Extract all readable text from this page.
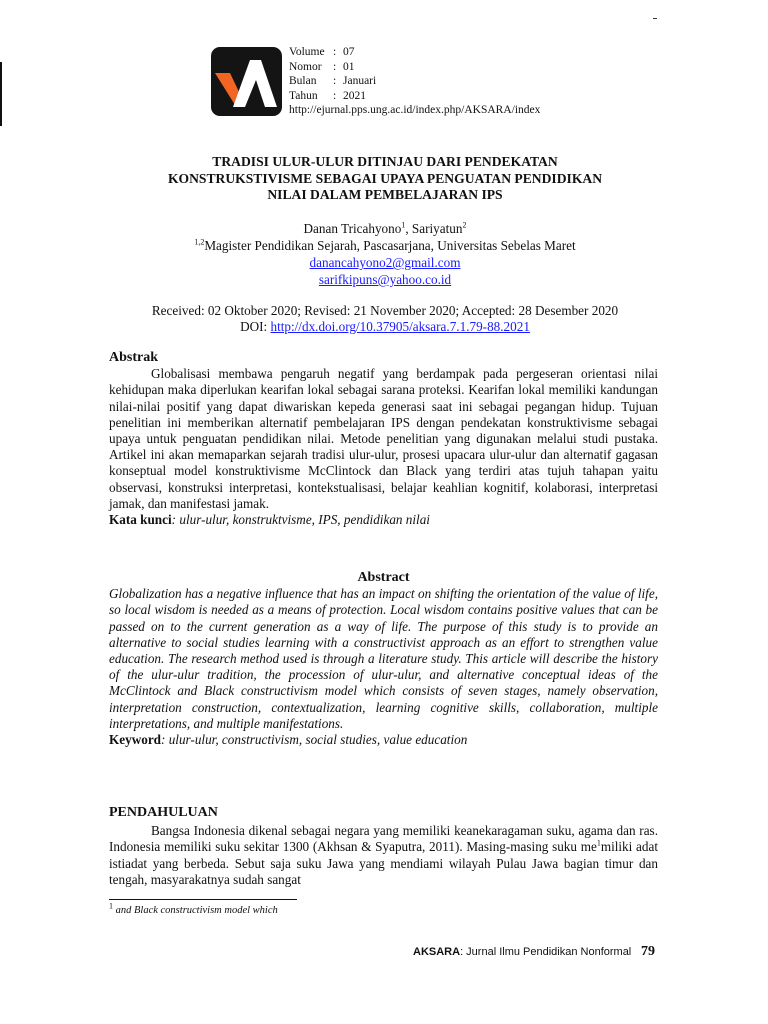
Volume : 07
Nomor : 01
Bulan : Januari
Tahun : 2021
http://ejurnal.pps.ung.ac.id/index.php/AKSARA/index
TRADISI ULUR-ULUR DITINJAU DARI PENDEKATAN
KONSTRUKSTIVISME SEBAGAI UPAYA PENGUATAN PENDIDIKAN
NILAI DALAM PEMBELAJARAN IPS
Danan Tricahyono$^1$, Sariyatun$^2$
$^{1,2}$Magister Pendidikan Sejarah, Pascasarjana, Universitas Sebelas Maret
danancahyono2@gmail.com
sarifkipuns@yahoo.co.id
Received: 02 Oktober 2020; Revised: 21 November 2020; Accepted: 28 Desember 2020
DOI: http://dx.doi.org/10.37905/aksara.7.1.79-88.2021
Abstrak

Globalisasi membawa pengaruh negatif yang berdampak pada pergeseran orientasi nilai kehidupan maka diperlukan kearifan lokal sebagai sarana proteksi. Kearifan lokal memiliki kandungan nilai-nilai positif yang dapat diwariskan kepeda generasi saat ini sebagai pegangan hidup. Tujuan penelitian ini memberikan alternatif pembelajaran IPS dengan pendekatan konstruktivisme sebagai upaya untuk penguatan pendidikan nilai. Metode penelitian yang digunakan melalui studi pustaka. Artikel ini akan memaparkan sejarah tradisi ulur-ulur, prosesi upacara ulur-ulur dan alternatif gagasan konseptual model konstruktivisme McClintock dan Black yang terdiri atas tujuh tahapan yaitu observasi, konstruksi interpretasi, kontekstualisasi, belajar keahlian kognitif, kolaborasi, interpretasi jamak, dan manifestasi jamak.

Kata kunci: ulur-ulur, konstruktvisme, IPS, pendidikan nilai

Abstract

Globalization has a negative influence that has an impact on shifting the orientation of the value of life, so local wisdom is needed as a means of protection. Local wisdom contains positive values that can be passed on to the current generation as a way of life. The purpose of this study is to provide an alternative to social studies learning with a constructivist approach as an effort to strengthen value education. The research method used is through a literature study. This article will describe the history of the ulur-ulur tradition, the procession of ulur-ulur, and alternative conceptual ideas of the McClintock and Black constructivism model which consists of seven stages, namely observation, interpretation construction, contextualization, learning cognitive skills, collaboration, multiple interpretations, and multiple manifestations.

Keyword: ulur-ulur, constructivism, social studies, value education

PENDAHULUAN

Bangsa Indonesia dikenal sebagai negara yang memiliki keanekaragaman suku, agama dan ras. Indonesia memiliki suku sekitar 1300 (Akhsan & Syaputra, 2011). Masing-masing suku $me^1miliki$ adat istiadat yang berbeda. Sebut saja suku Jawa yang mendiami wilayah Pulau Jawa bagian timur dan tengah, masyarakatnya sudah sangat

$^1$ and Black constructivism model which
AKSARA: Jurnal Ilmu Pendidikan Nonformal 79
